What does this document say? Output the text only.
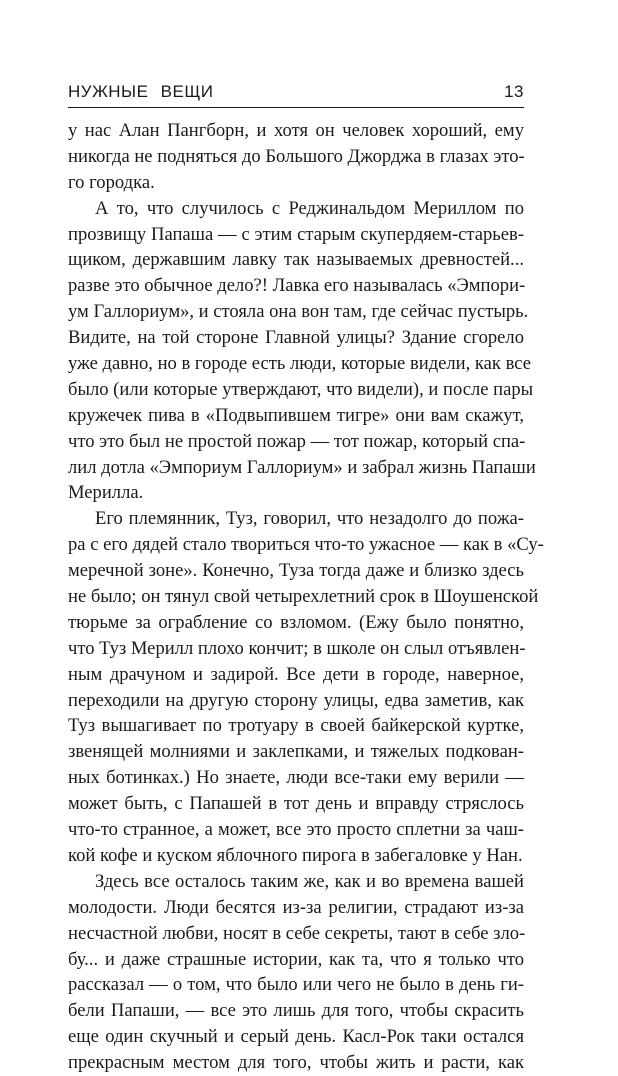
НУЖНЫЕ ВЕЩИ	13
у нас Алан Пангборн, и хотя он человек хороший, ему
никогда не подняться до Большого Джорджа в глазах это-
го городка.
А то, что случилось с Реджинальдом Мериллом по
прозвищу Папаша — с этим старым скупердяем-старьев-
щиком, державшим лавку так называемых древностей...
разве это обычное дело?! Лавка его называлась «Эмпори-
ум Галлориум», и стояла она вон там, где сейчас пустырь.
Видите, на той стороне Главной улицы? Здание сгорело
уже давно, но в городе есть люди, которые видели, как все
было (или которые утверждают, что видели), и после пары
кружечек пива в «Подвыпившем тигре» они вам скажут,
что это был не простой пожар — тот пожар, который спа-
лил дотла «Эмпориум Галлориум» и забрал жизнь Папаши
Мерилла.
Его племянник, Туз, говорил, что незадолго до пожа-
ра с его дядей стало твориться что-то ужасное — как в «Су-
меречной зоне». Конечно, Туза тогда даже и близко здесь
не было; он тянул свой четырехлетний срок в Шоушенской
тюрьме за ограбление со взломом. (Ежу было понятно,
что Туз Мерилл плохо кончит; в школе он слыл отъявлен-
ным драчуном и задирой. Все дети в городе, наверное,
переходили на другую сторону улицы, едва заметив, как
Туз вышагивает по тротуару в своей байкерской куртке,
звенящей молниями и заклепками, и тяжелых подкован-
ных ботинках.) Но знаете, люди все-таки ему верили —
может быть, с Папашей в тот день и вправду стряслось
что-то странное, а может, все это просто сплетни за чаш-
кой кофе и куском яблочного пирога в забегаловке у Нан.
Здесь все осталось таким же, как и во времена вашей
молодости. Люди бесятся из-за религии, страдают из-за
несчастной любви, носят в себе секреты, тают в себе зло-
бу... и даже страшные истории, как та, что я только что
рассказал — о том, что было или чего не было в день ги-
бели Папаши, — все это лишь для того, чтобы скрасить
еще один скучный и серый день. Касл-Рок таки остался
прекрасным местом для того, чтобы жить и расти, как
